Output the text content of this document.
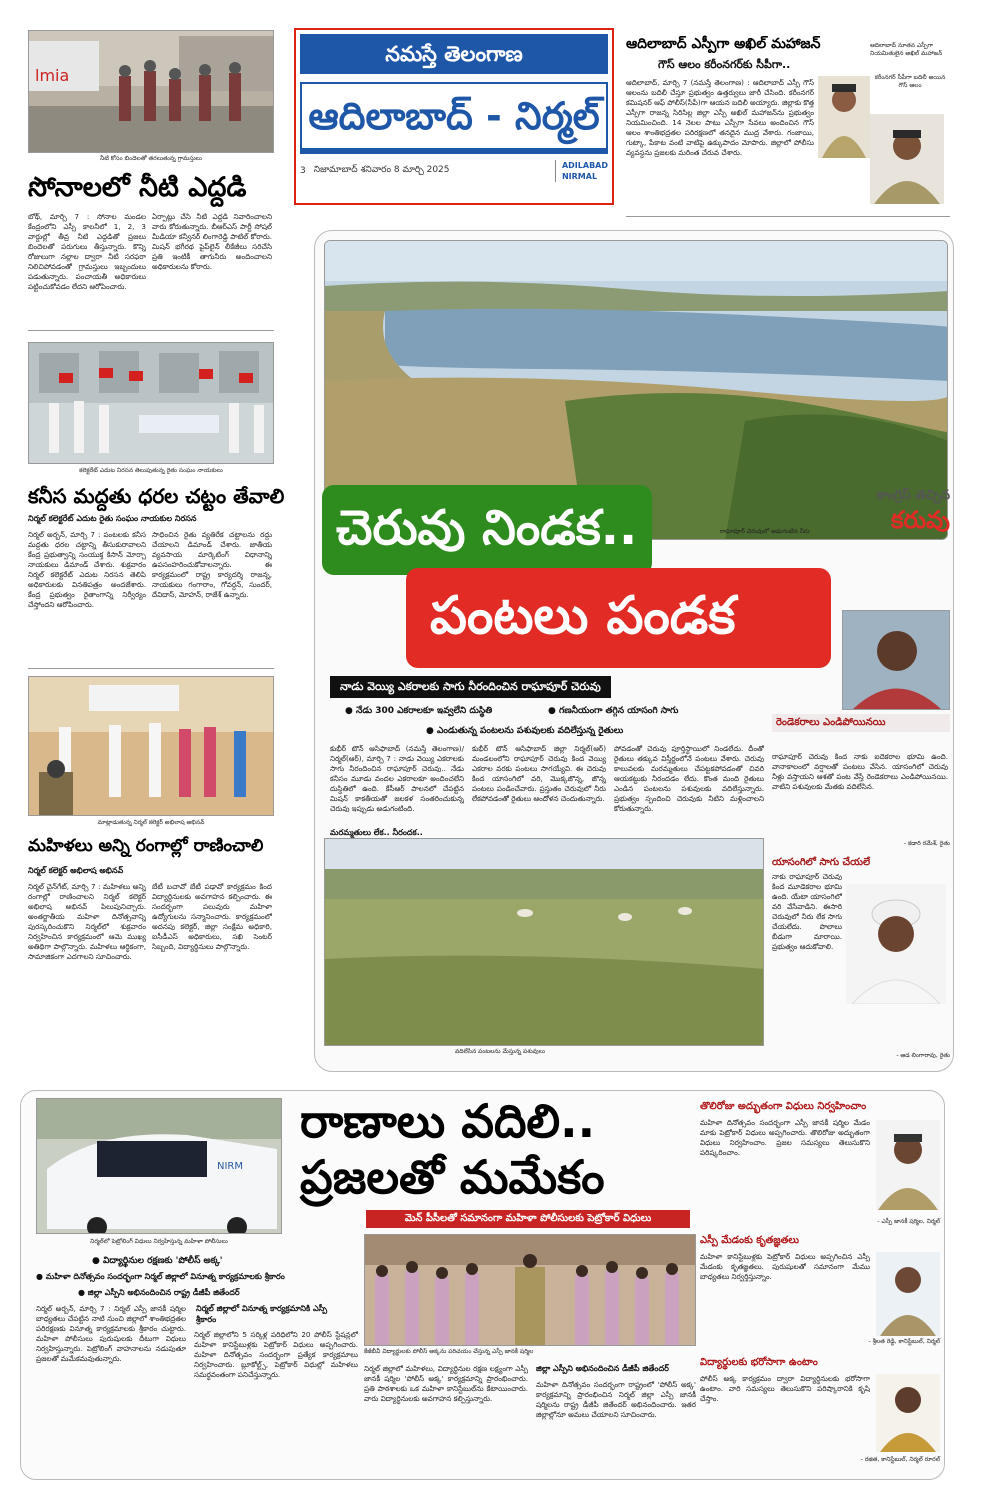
lmia
నీటి కోసం బిందెలతో తరలుతున్న గ్రామస్తులు
సోనాలలో నీటి ఎద్దడి
బోథ్, మార్చి 7 : సోనాల మండల కేంద్రంలోని ఎస్సీ కాలనీలో 1, 2, 3 వార్డుల్లో తీవ్ర నీటి ఎద్దడితో ప్రజలు బిందెలతో పరుగులు తీస్తున్నారు. కొన్ని రోజులుగా నల్లాల ద్వారా నీటి సరఫరా నిలిచిపోవడంతో గ్రామస్తులు ఇబ్బందులు పడుతున్నారు. పంచాయతీ అధికారులు పట్టించుకోవడం లేదని ఆరోపించారు.
ఏర్పాట్లు చేసి నీటి ఎద్దడి నివారించాలని వారు కోరుతున్నారు. బీఆర్ఎస్ పార్టీ సోషల్ మీడియా కన్వీనర్ లింగారెడ్డి పాటిల్ కోరారు. మిషన్ భగీరథ పైప్‌లైన్ లీకేజీలు సరిచేసి ప్రతి ఇంటికీ తాగునీరు అందించాలని అధికారులను కోరారు.
కలెక్టరేట్ ఎదుట నిరసన తెలుపుతున్న రైతు సంఘం నాయకులు
కనీస మద్దతు ధరల చట్టం తేవాలి
నిర్మల్ కలెక్టరేట్ ఎదుట రైతు సంఘం నాయకుల నిరసన
నిర్మల్ అర్బన్, మార్చి 7 : పంటలకు కనీస మద్దతు ధరల చట్టాన్ని తీసుకురావాలని కేంద్ర ప్రభుత్వాన్ని సంయుక్త కిసాన్ మోర్చా నాయకులు డిమాండ్ చేశారు. శుక్రవారం నిర్మల్ కలెక్టరేట్ ఎదుట నిరసన తెలిపి అధికారులకు వినతిపత్రం అందజేశారు. కేంద్ర ప్రభుత్వం రైతాంగాన్ని నిర్వీర్యం చేస్తోందని ఆరోపించారు.
సాధించిన రైతు వ్యతిరేక చట్టాలను రద్దు చేయాలని డిమాండ్ చేశారు. జాతీయ వ్యవసాయ మార్కెటింగ్ విధానాన్ని ఉపసంహరించుకోవాలన్నారు. ఈ కార్యక్రమంలో రాష్ట్ర కార్యదర్శి రాజన్న, నాయకులు గంగారాం, గోవర్ధన్, సుందర్, దేవిదాస్, మోహన్, రాజేశ్ ఉన్నారు.
మాట్లాడుతున్న నిర్మల్ కలెక్టర్ అభిలాష అభినవ్
మహిళలు అన్ని రంగాల్లో రాణించాలి
నిర్మల్ కలెక్టర్ అభిలాష అభినవ్
నిర్మల్ చైన్‌గేట్, మార్చి 7 : మహిళలు అన్ని రంగాల్లో రాణించాలని నిర్మల్ కలెక్టర్ అభిలాష అభినవ్ పిలుపునిచ్చారు. అంతర్జాతీయ మహిళా దినోత్సవాన్ని పురస్కరించుకొని నిర్మల్‌లో శుక్రవారం నిర్వహించిన కార్యక్రమంలో ఆమె ముఖ్య అతిథిగా పాల్గొన్నారు. మహిళలు ఆర్థికంగా, సామాజికంగా ఎదగాలని సూచించారు.
బేటీ బచావో బేటీ పఢావో కార్యక్రమం కింద విద్యార్థినులకు అవగాహన కల్పించారు. ఈ సందర్భంగా పలువురు మహిళా ఉద్యోగులను సన్మానించారు. కార్యక్రమంలో అదనపు కలెక్టర్, జిల్లా సంక్షేమ అధికారి, ఐసీడీఎస్ అధికారులు, సఖి సెంటర్ సిబ్బంది, విద్యార్థినులు పాల్గొన్నారు.
నమస్తే తెలంగాణ
ఆదిలాబాద్ - నిర్మల్
3 నిజామాబాద్ శనివారం 8 మార్చి 2025	ADILABAD
NIRMAL
ఆదిలాబాద్ ఎస్పీగా అఖిల్ మహాజన్
గౌస్ ఆలం కరీంనగర్‌కు సీపీగా..
ఆదిలాబాద్, మార్చి 7 (నమస్తే తెలంగాణ) : ఆదిలాబాద్ ఎస్పీ గౌస్ ఆలంను బదిలీ చేస్తూ ప్రభుత్వం ఉత్తర్వులు జారీ చేసింది. కరీంనగర్ కమిషనర్ ఆఫ్ పోలీస్(సీపీ)గా ఆయన బదిలీ అయ్యారు. జిల్లాకు కొత్త ఎస్పీగా రాజన్న సిరిసిల్ల జిల్లా ఎస్పీ అఖిల్ మహాజన్‌ను ప్రభుత్వం నియమించింది. 14 నెలల పాటు ఎస్పీగా సేవలు అందించిన గౌస్ ఆలం శాంతిభద్రతల పరిరక్షణలో తనదైన ముద్ర వేశారు. గంజాయి, గుట్కా, పేకాట వంటి వాటిపై ఉక్కుపాదం మోపారు. జిల్లాలో పోలీసు వ్యవస్థను ప్రజలకు మరింత చేరువ చేశారు.
ఆదిలాబాద్ నూతన ఎస్పీగా నియమితులైన అఖిల్ మహాజన్
కరీంనగర్ సీపీగా బదిలీ అయిన గౌస్ ఆలం
రాఘాపూర్ చెరువులో అడుగంటిన నీరు
కాంగ్రెస్ తెచ్చిన
కరువు
చెరువు నిండక..
పంటలు పండక
నాడు వెయ్యి ఎకరాలకు సాగు నీరందించిన రాఘాపూర్ చెరువు
● నేడు 300 ఎకరాలకూ ఇవ్వలేని దుస్థితి	● గణనీయంగా తగ్గిన యాసంగి సాగు
● ఎండుతున్న పంటలను పశువులకు వదిలేస్తున్న రైతులు
కుభీర్ టౌన్ ఆసిఫాబాద్ (నమస్తే తెలంగాణ)/ నిర్మల్(ఆర్), మార్చి 7 : నాడు వెయ్యి ఎకరాలకు సాగు నీరందించిన రాఘాపూర్ చెరువు.. నేడు కనీసం మూడు వందల ఎకరాలకూ అందించలేని దుస్థితిలో ఉంది. కేసీఆర్ పాలనలో చేపట్టిన మిషన్ కాకతీయతో జలకళ సంతరించుకున్న చెరువు ఇప్పుడు అడుగంటింది.
మరమ్మతులు లేక.. నీరందక..
కుభీర్ టౌన్ ఆసిఫాబాద్ జిల్లా నిర్మల్(ఆర్) మండలంలోని రాఘాపూర్ చెరువు కింద వెయ్యి ఎకరాల వరకు పంటలు సాగయ్యేవి. ఈ చెరువు కింద యాసంగిలో వరి, మొక్కజొన్న, జొన్న పంటలు పండించేవారు. ప్రస్తుతం చెరువులో నీరు లేకపోవడంతో రైతులు ఆందోళన చెందుతున్నారు.
పోవడంతో చెరువు పూర్తిస్థాయిలో నిండలేదు. దీంతో రైతులు తక్కువ విస్తీర్ణంలోనే పంటలు వేశారు. చెరువు కాలువలకు మరమ్మతులు చేపట్టకపోవడంతో చివరి ఆయకట్టుకు నీరందడం లేదు. కొంత మంది రైతులు ఎండిన పంటలను పశువులకు వదిలేస్తున్నారు. ప్రభుత్వం స్పందించి చెరువుకు నీటిని మళ్లించాలని కోరుతున్నారు.
వదిలేసిన పంటలను మేస్తున్న పశువులు
రెండెకరాలు ఎండిపోయినయి
రాఘాపూర్ చెరువు కింద నాకు ఐదెకరాల భూమి ఉంది. వానాకాలంలో వర్షాలతో పంటలు వేసిన. యాసంగిలో చెరువు నీళ్లు వస్తాయని ఆశతో పంట వేస్తే రెండెకరాలు ఎండిపోయినయి. వాటిని పశువులకు మేతకు వదిలేసిన.
- కడారి రమేశ్, రైతు
యాసంగిలో సాగు చేయలే
నాకు రాఘాపూర్ చెరువు కింద మూడెకరాల భూమి ఉంది. యేటా యాసంగిలో వరి వేసేవాడిని. ఈసారి చెరువులో నీరు లేక సాగు చేయలేదు. పొలాలు బీడుగా మారాయి. ప్రభుత్వం ఆదుకోవాలి.
- ఆడ లింగారావు, రైతు
NIRM
నిర్మల్‌లో పెట్రోలింగ్ విధులు నిర్వహిస్తున్న మహిళా పోలీసులు
రాణాలు వదిలి..
ప్రజలతో మమేకం
మెన్ పీసీలతో సమానంగా మహిళా పోలీసులకు పెట్రోకార్ విధులు
● విద్యార్థినుల రక్షణకు 'పోలీస్ అక్క'
● మహిళా దినోత్సవం సందర్భంగా నిర్మల్ జిల్లాలో వినూత్న కార్యక్రమాలకు శ్రీకారం
● జిల్లా ఎస్పీని అభినందించిన రాష్ట్ర డీజీపీ జితేందర్
నిర్మల్ జిల్లాలో వినూత్న కార్యక్రమానికి ఎస్పీ శ్రీకారం
నిర్మల్ అర్బన్, మార్చి 7 : నిర్మల్ ఎస్పీ జానకీ షర్మిల బాధ్యతలు చేపట్టిన నాటి నుంచి జిల్లాలో శాంతిభద్రతల పరిరక్షణకు వినూత్న కార్యక్రమాలకు శ్రీకారం చుట్టారు. మహిళా పోలీసులు పురుషులకు దీటుగా విధులు నిర్వహిస్తున్నారు. పెట్రోలింగ్ వాహనాలను నడుపుతూ ప్రజలతో మమేకమవుతున్నారు.
నిర్మల్ జిల్లాలోని 5 సర్కిళ్ల పరిధిలోని 20 పోలీస్ స్టేషన్లలో మహిళా కానిస్టేబుళ్లకు పెట్రోకార్ విధులు అప్పగించారు. మహిళా దినోత్సవం సందర్భంగా ప్రత్యేక కార్యక్రమాలు నిర్వహించారు. బ్లూకోల్ట్స్, పెట్రోకార్ విధుల్లో మహిళలు సమర్థవంతంగా పనిచేస్తున్నారు.
కేజీబీవీ విద్యార్థులకు పోలీస్ అక్కను పరిచయం చేస్తున్న ఎస్పీ జానకీ షర్మిల
నిర్మల్ జిల్లాలో మహిళలు, విద్యార్థినుల రక్షణ లక్ష్యంగా ఎస్పీ జానకీ షర్మిల 'పోలీస్ అక్క' కార్యక్రమాన్ని ప్రారంభించారు. ప్రతి పాఠశాలకు ఒక మహిళా కానిస్టేబుల్‌ను కేటాయించారు. వారు విద్యార్థినులకు అవగాహన కల్పిస్తున్నారు.
జిల్లా ఎస్పీని అభినందించిన డీజీపీ జితేందర్
మహిళా దినోత్సవం సందర్భంగా రాష్ట్రంలో 'పోలీస్ అక్క' కార్యక్రమాన్ని ప్రారంభించిన నిర్మల్ జిల్లా ఎస్పీ జానకీ షర్మిలను రాష్ట్ర డీజీపీ జితేందర్ అభినందించారు. ఇతర జిల్లాల్లోనూ అమలు చేయాలని సూచించారు.
తొలిరోజు అద్భుతంగా విధులు నిర్వహించాం
మహిళా దినోత్సవం సందర్భంగా ఎస్పీ జానకీ షర్మిల మేడం మాకు పెట్రోకార్ విధులు అప్పగించారు. తొలిరోజు అద్భుతంగా విధులు నిర్వహించాం. ప్రజల సమస్యలు తెలుసుకొని పరిష్కరించాం.
- ఎస్పీ జానకీ షర్మిల, నిర్మల్
ఎస్పీ మేడంకు కృతజ్ఞతలు
మహిళా కానిస్టేబుళ్లకు పెట్రోకార్ విధులు అప్పగించిన ఎస్పీ మేడంకు కృతజ్ఞతలు. పురుషులతో సమానంగా మేము బాధ్యతలు నిర్వర్తిస్తున్నాం.
- శ్రీలత రెడ్డి, కానిస్టేబుల్, నిర్మల్
విద్యార్థులకు భరోసాగా ఉంటాం
పోలీస్ అక్క కార్యక్రమం ద్వారా విద్యార్థినులకు భరోసాగా ఉంటాం. వారి సమస్యలు తెలుసుకొని పరిష్కారానికి కృషి చేస్తాం.
- రజిత, కానిస్టేబుల్, నిర్మల్ రూరల్
